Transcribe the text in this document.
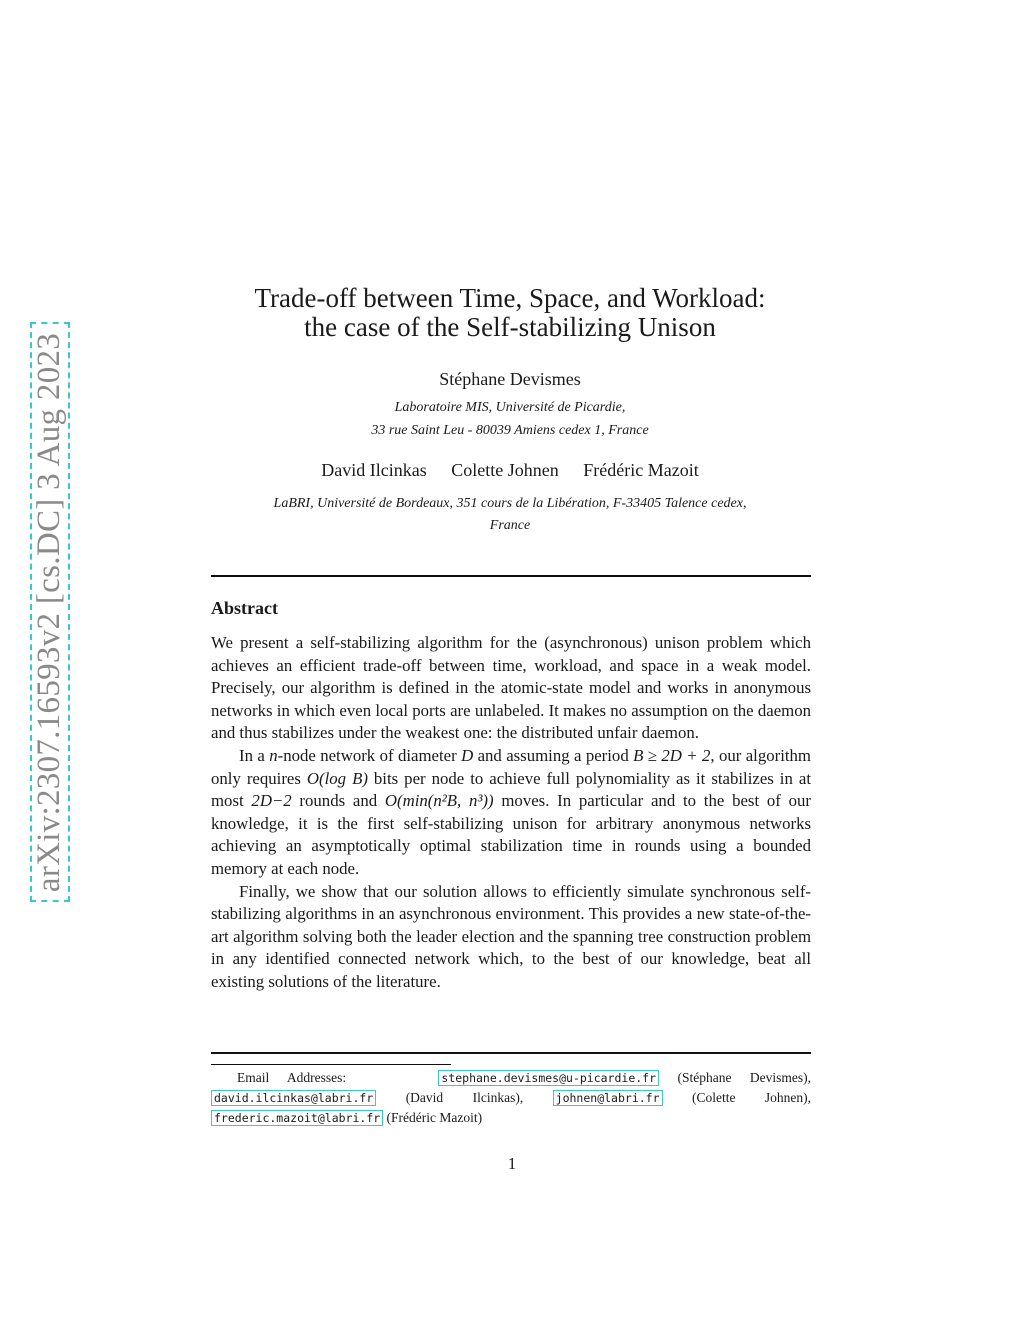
arXiv:2307.16593v2 [cs.DC] 3 Aug 2023
Trade-off between Time, Space, and Workload:
the case of the Self-stabilizing Unison
Stéphane Devismes
Laboratoire MIS, Université de Picardie,
33 rue Saint Leu - 80039 Amiens cedex 1, France
David Ilcinkas Colette Johnen Frédéric Mazoit
LaBRI, Université de Bordeaux, 351 cours de la Libération, F-33405 Talence cedex,
France
Abstract

We present a self-stabilizing algorithm for the (asynchronous) unison problem which achieves an efficient trade-off between time, workload, and space in a weak model. Precisely, our algorithm is defined in the atomic-state model and works in anonymous networks in which even local ports are unlabeled. It makes no assumption on the daemon and thus stabilizes under the weakest one: the distributed unfair daemon.

In a n-node network of diameter D and assuming a period B ≥ 2D + 2, our algorithm only requires O(log B) bits per node to achieve full polynomiality as it stabilizes in at most 2D−2 rounds and O(min(n²B, n³)) moves. In particular and to the best of our knowledge, it is the first self-stabilizing unison for arbitrary anonymous networks achieving an asymptotically optimal stabilization time in rounds using a bounded memory at each node.

Finally, we show that our solution allows to efficiently simulate synchronous self-stabilizing algorithms in an asynchronous environment. This provides a new state-of-the-art algorithm solving both the leader election and the spanning tree construction problem in any identified connected network which, to the best of our knowledge, beat all existing solutions of the literature.

Email Addresses:	stephane.devismes@u-picardie.fr (Stéphane Devismes), david.ilcinkas@labri.fr (David Ilcinkas),	johnen@labri.fr (Colette Johnen), frederic.mazoit@labri.fr (Frédéric Mazoit)
1
